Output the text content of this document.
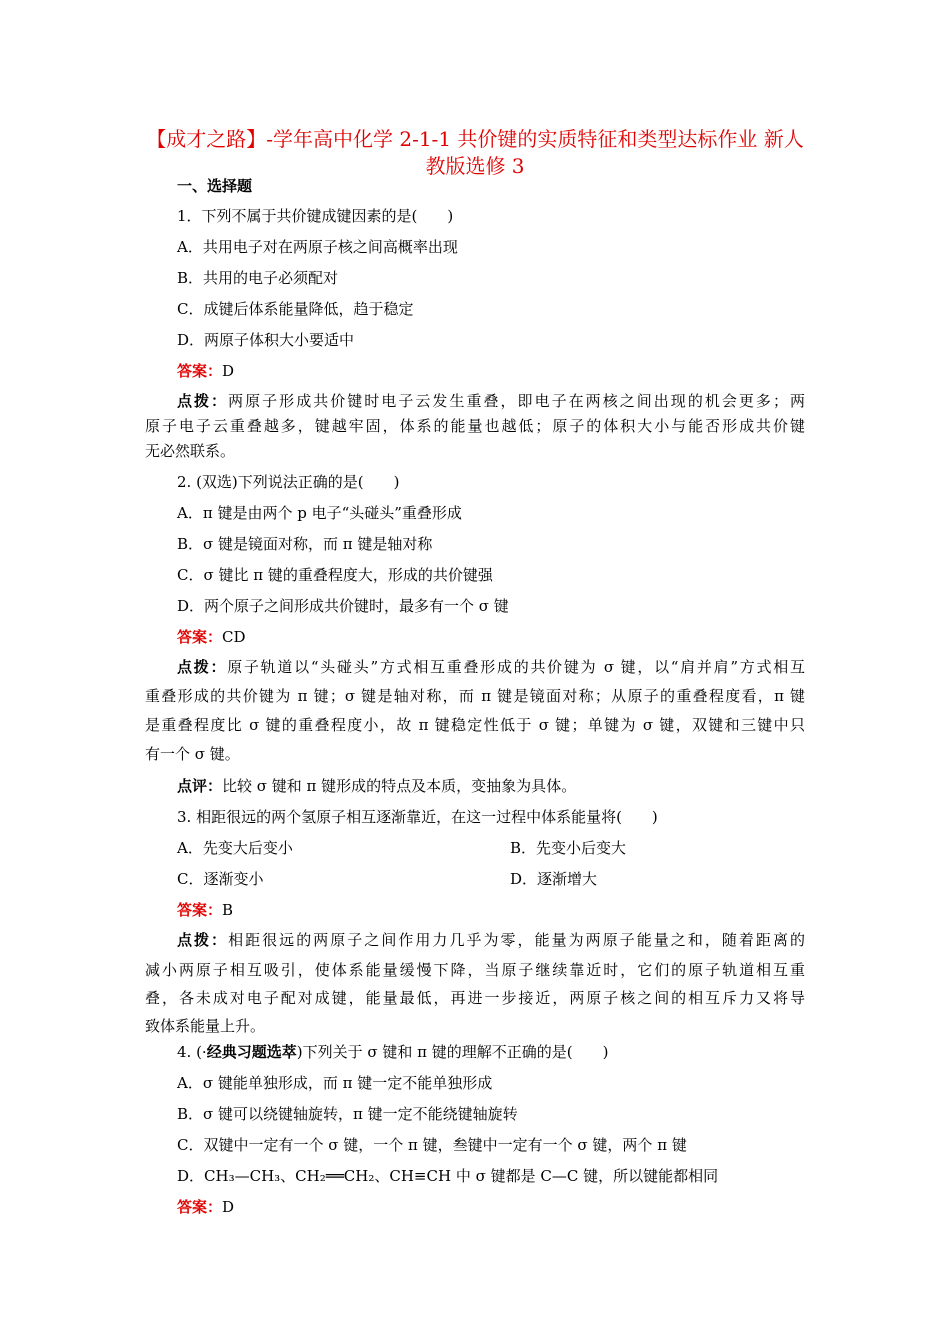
【成才之路】-学年高中化学 2-1-1 共价键的实质特征和类型达标作业 新人
教版选修 3
一、选择题
1．下列不属于共价键成键因素的是(　　)
A．共用电子对在两原子核之间高概率出现
B．共用的电子必须配对
C．成键后体系能量降低，趋于稳定
D．两原子体积大小要适中
答案：D
点拨：两原子形成共价键时电子云发生重叠，即电子在两核之间出现的机会更多；两
原子电子云重叠越多，键越牢固，体系的能量也越低；原子的体积大小与能否形成共价键
无必然联系。
2. (双选)下列说法正确的是(　　)
A．π 键是由两个 p 电子“头碰头”重叠形成
B．σ 键是镜面对称，而 π 键是轴对称
C．σ 键比 π 键的重叠程度大，形成的共价键强
D．两个原子之间形成共价键时，最多有一个 σ 键
答案：CD
点拨：原子轨道以“头碰头”方式相互重叠形成的共价键为 σ 键，以“肩并肩”方式相互
重叠形成的共价键为 π 键；σ 键是轴对称，而 π 键是镜面对称；从原子的重叠程度看，π 键
是重叠程度比 σ 键的重叠程度小，故 π 键稳定性低于 σ 键；单键为 σ 键，双键和三键中只
有一个 σ 键。
点评：比较 σ 键和 π 键形成的特点及本质，变抽象为具体。
3. 相距很远的两个氢原子相互逐渐靠近，在这一过程中体系能量将(　　)
A．先变大后变小	B．先变小后变大
C．逐渐变小	D．逐渐增大
答案：B
点拨：相距很远的两原子之间作用力几乎为零，能量为两原子能量之和，随着距离的
减小两原子相互吸引，使体系能量缓慢下降，当原子继续靠近时，它们的原子轨道相互重
叠，各未成对电子配对成键，能量最低，再进一步接近，两原子核之间的相互斥力又将导
致体系能量上升。
4. (·经典习题选萃)下列关于 σ 键和 π 键的理解不正确的是(　　)
A．σ 键能单独形成，而 π 键一定不能单独形成
B．σ 键可以绕键轴旋转，π 键一定不能绕键轴旋转
C．双键中一定有一个 σ 键，一个 π 键，叁键中一定有一个 σ 键，两个 π 键
D．CH₃—CH₃、CH₂══CH₂、CH≡CH 中 σ 键都是 C—C 键，所以键能都相同
答案：D
